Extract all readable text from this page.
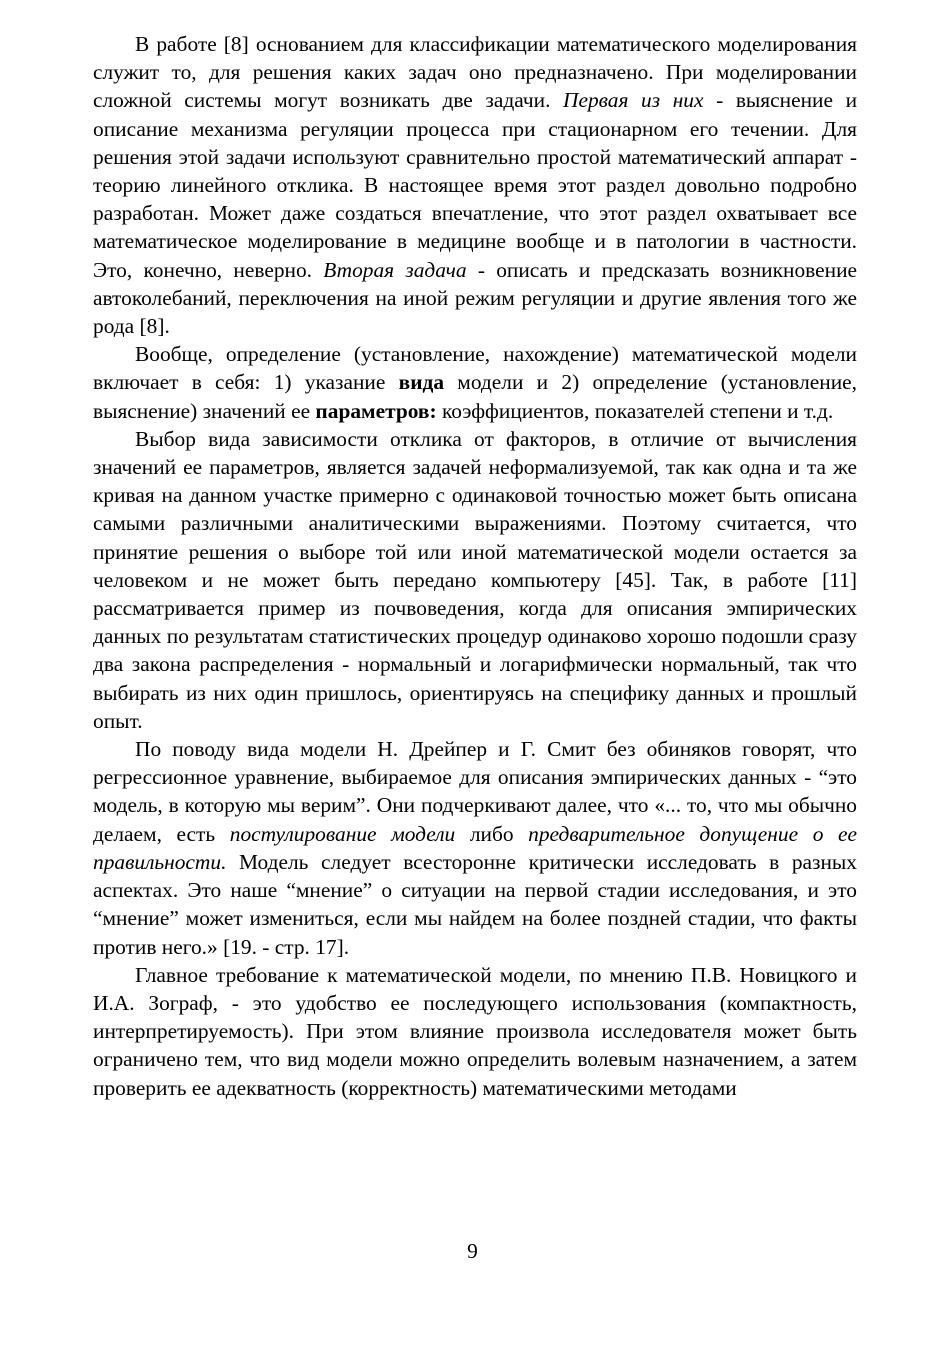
В работе [8] основанием для классификации математического моделирования служит то, для решения каких задач оно предназначено. При моделировании сложной системы могут возникать две задачи. Первая из них - выяснение и описание механизма регуляции процесса при стационарном его течении. Для решения этой задачи используют сравнительно простой математический аппарат - теорию линейного отклика. В настоящее время этот раздел довольно подробно разработан. Может даже создаться впечатление, что этот раздел охватывает все математическое моделирование в медицине вообще и в патологии в частности. Это, конечно, неверно. Вторая задача - описать и предсказать возникновение автоколебаний, переключения на иной режим регуляции и другие явления того же рода [8].

Вообще, определение (установление, нахождение) математической модели включает в себя: 1) указание вида модели и 2) определение (установление, выяснение) значений ее параметров: коэффициентов, показателей степени и т.д.

Выбор вида зависимости отклика от факторов, в отличие от вычисления значений ее параметров, является задачей неформализуемой, так как одна и та же кривая на данном участке примерно с одинаковой точностью может быть описана самыми различными аналитическими выражениями. Поэтому считается, что принятие решения о выборе той или иной математической модели остается за человеком и не может быть передано компьютеру [45]. Так, в работе [11] рассматривается пример из почвоведения, когда для описания эмпирических данных по результатам статистических процедур одинаково хорошо подошли сразу два закона распределения - нормальный и логарифмически нормальный, так что выбирать из них один пришлось, ориентируясь на специфику данных и прошлый опыт.

По поводу вида модели Н. Дрейпер и Г. Смит без обиняков говорят, что регрессионное уравнение, выбираемое для описания эмпирических данных - “это модель, в которую мы верим”. Они подчеркивают далее, что «... то, что мы обычно делаем, есть постулирование модели либо предварительное допущение о ее правильности. Модель следует всесторонне критически исследовать в разных аспектах. Это наше “мнение” о ситуации на первой стадии исследования, и это “мнение” может измениться, если мы найдем на более поздней стадии, что факты против него.» [19. - стр. 17].

Главное требование к математической модели, по мнению П.В. Новицкого и И.А. Зограф, - это удобство ее последующего использования (компактность, интерпретируемость). При этом влияние произвола исследователя может быть ограничено тем, что вид модели можно определить волевым назначением, а затем проверить ее адекватность (корректность) математическими методами

9
